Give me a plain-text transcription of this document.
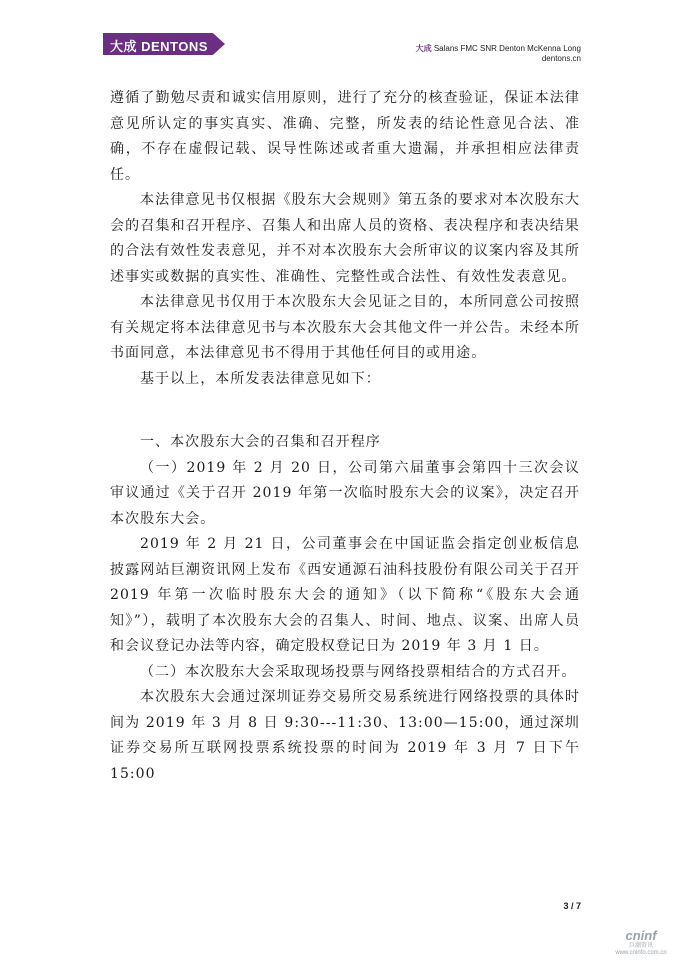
大成 DENTONS	大成 Salans FMC SNR Denton McKenna Long
dentons.cn

遵循了勤勉尽责和诚实信用原则，进行了充分的核查验证，保证本法律意见所认定的事实真实、准确、完整，所发表的结论性意见合法、准确，不存在虚假记载、误导性陈述或者重大遗漏，并承担相应法律责任。

本法律意见书仅根据《股东大会规则》第五条的要求对本次股东大会的召集和召开程序、召集人和出席人员的资格、表决程序和表决结果的合法有效性发表意见，并不对本次股东大会所审议的议案内容及其所述事实或数据的真实性、准确性、完整性或合法性、有效性发表意见。

本法律意见书仅用于本次股东大会见证之目的，本所同意公司按照有关规定将本法律意见书与本次股东大会其他文件一并公告。未经本所书面同意，本法律意见书不得用于其他任何目的或用途。

基于以上，本所发表法律意见如下：

一、本次股东大会的召集和召开程序

（一）2019 年 2 月 20 日，公司第六届董事会第四十三次会议审议通过《关于召开 2019 年第一次临时股东大会的议案》，决定召开本次股东大会。

2019 年 2 月 21 日，公司董事会在中国证监会指定创业板信息披露网站巨潮资讯网上发布《西安通源石油科技股份有限公司关于召开 2019 年第一次临时股东大会的通知》（以下简称“《股东大会通知》”），载明了本次股东大会的召集人、时间、地点、议案、出席人员和会议登记办法等内容，确定股权登记日为 2019 年 3 月 1 日。

（二）本次股东大会采取现场投票与网络投票相结合的方式召开。

本次股东大会通过深圳证券交易所交易系统进行网络投票的具体时间为 2019 年 3 月 8 日 9:30---11:30、13:00—15:00，通过深圳证券交易所互联网投票系统投票的时间为 2019 年 3 月 7 日下午 15:00

3 / 7
cninf
巨潮资讯
www.cninfo.com.cn
